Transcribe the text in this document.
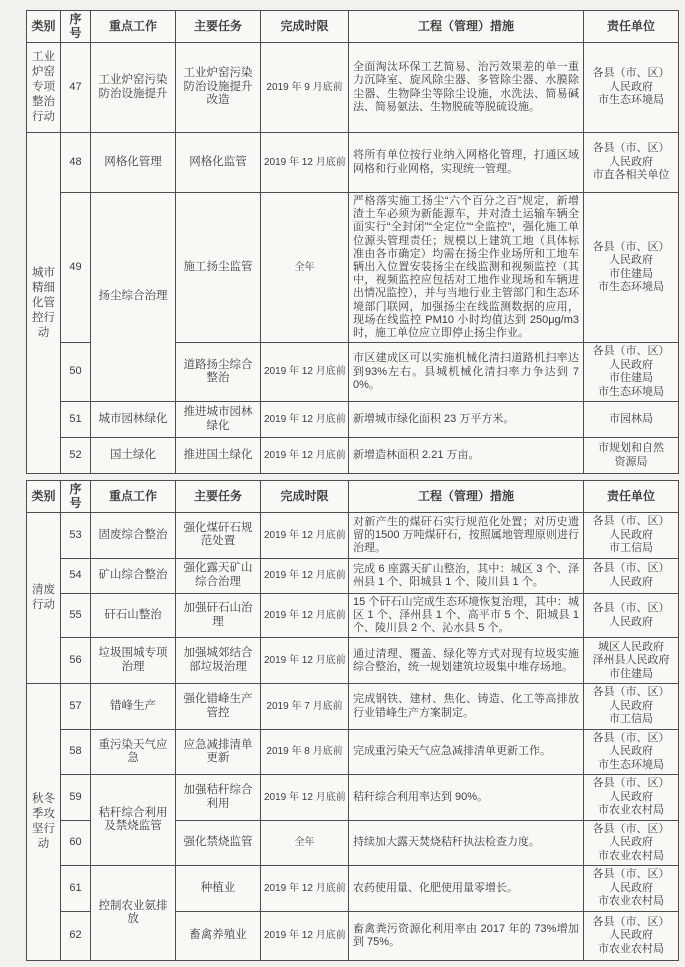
类别	序号	重点工作	主要任务	完成时限	工程（管理）措施	责任单位
工业炉窑专项整治行动	47	工业炉窑污染防治设施提升	工业炉窑污染防治设施提升改造	2019 年 9 月底前	全面淘汰环保工艺简易、治污效果差的单一重力沉降室、旋风除尘器、多管除尘器、水膜除尘器、生物降尘等除尘设施，水洗法、简易碱法、简易氨法、生物脱硫等脱硫设施。	各县（市、区）
人民政府
市生态环境局

城市精细化管控行动	48	网格化管理	网格化监管	2019 年 12 月底前	将所有单位按行业纳入网格化管理，打通区域网格和行业网格，实现统一管理。	各县（市、区）
人民政府
市直各相关单位

49	扬尘综合治理	施工扬尘监管	全年	严格落实施工扬尘“六个百分之百”规定，新增渣土车必须为新能源车，并对渣土运输车辆全面实行“全封闭”“全定位”“全监控”，强化施工单位源头管理责任；规模以上建筑工地（具体标准由各市确定）均需在扬尘作业场所和工地车辆出入位置安装扬尘在线监测和视频监控（其中，视频监控应包括对工地作业现场和车辆进出情况监控），并与当地行业主管部门和生态环境部门联网，加强扬尘在线监测数据的应用，现场在线监控 PM10 小时均值达到 250μg/m3 时，施工单位应立即停止扬尘作业。	
各县（市、区）
人民政府
市住建局
市生态环境局

	50		道路扬尘综合整治	2019 年 12 月底前	市区建成区可以实施机械化清扫道路机扫率达到93%左右。县城机械化清扫率力争达到 70%。	各县（市、区）
人民政府
市住建局
市生态环境局

	51	城市园林绿化	推进城市园林绿化	2019 年 12 月底前	新增城市绿化面积 23 万平方米。	市园林局

	52	国土绿化	推进国土绿化	2019 年 12 月底前	新增造林面积 2.21 万亩。	市规划和自然
资源局
类别	序号	重点工作	主要任务	完成时限	工程（管理）措施	责任单位
清废行动	53	固废综合整治	强化煤矸石规范处置	2019 年 12 月底前	对新产生的煤矸石实行规范化处置；对历史遗留的1500 万吨煤矸石，按照属地管理原则进行治理。	各县（市、区）
人民政府
市工信局

	54	矿山综合整治	强化露天矿山综合治理	2019 年 12 月底前	完成 6 座露天矿山整治，其中：城区 3 个、泽州县 1 个、阳城县 1 个、陵川县 1 个。	各县（市、区）
人民政府

	55	矸石山整治	加强矸石山治理	2019 年 12 月底前	15 个矸石山完成生态环境恢复治理，其中：城区 1 个、泽州县 1 个、高平市 5 个、阳城县 1 个、陵川县 2 个、沁水县 5 个。	各县（市、区）
人民政府

	56	垃圾围城专项治理	加强城郊结合部垃圾治理	2019 年 12 月底前	通过清理、覆盖、绿化等方式对现有垃圾实施综合整治，统一规划建筑垃圾集中堆存场地。	城区人民政府
泽州县人民政府
市住建局

秋冬季攻坚行动	57	错峰生产	强化错峰生产管控	2019 年 7 月底前	完成钢铁、建材、焦化、铸造、化工等高排放行业错峰生产方案制定。	各县（市、区）
人民政府
市工信局

	58	重污染天气应急	应急减排清单更新	2019 年 8 月底前	完成重污染天气应急减排清单更新工作。	各县（市、区）
人民政府
市生态环境局

	59	秸秆综合利用及禁烧监管	加强秸秆综合利用	2019 年 12 月底前	秸秆综合利用率达到 90%。	各县（市、区）
人民政府
市农业农村局

	60		强化禁烧监管	全年	持续加大露天焚烧秸秆执法检查力度。	各县（市、区）
人民政府
市农业农村局

	61	控制农业氨排放	种植业	2019 年 12 月底前	农药使用量、化肥使用量零增长。	各县（市、区）
人民政府
市农业农村局

	62		畜禽养殖业	2019 年 12 月底前	畜禽粪污资源化利用率由 2017 年的 73%增加到 75%。	各县（市、区）
人民政府
市农业农村局
